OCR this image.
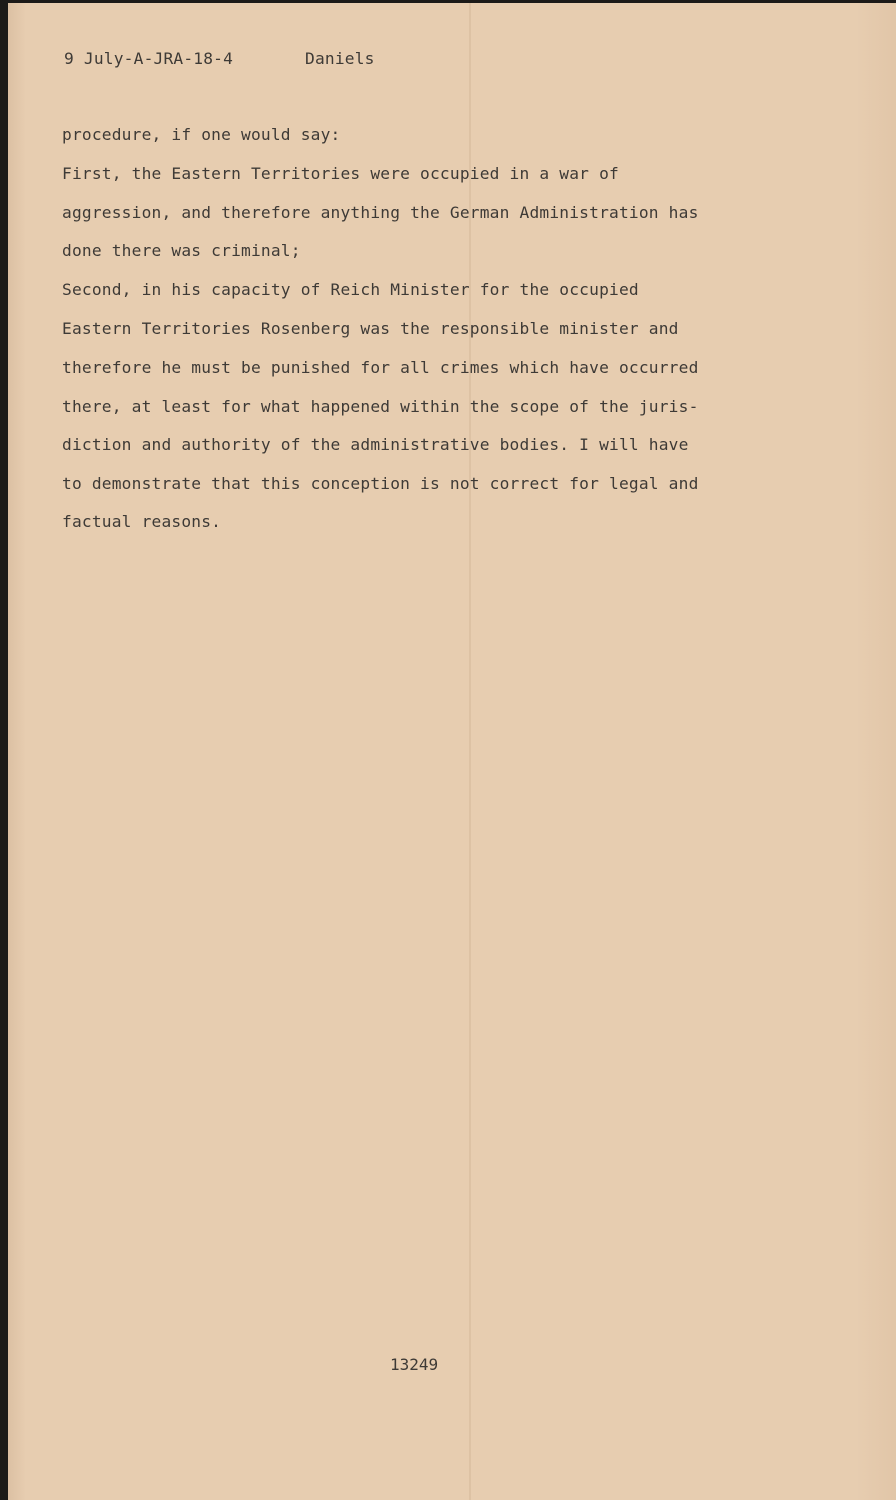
9 July-A-JRA-18-4	Daniels
procedure, if one would say:
First, the Eastern Territories were occupied in a war of
aggression, and therefore anything the German Administration has
done there was criminal;
Second, in his capacity of Reich Minister for the occupied
Eastern Territories Rosenberg was the responsible minister and
therefore he must be punished for all crimes which have occurred
there, at least for what happened within the scope of the juris-
diction and authority of the administrative bodies. I will have
to demonstrate that this conception is not correct for legal and
factual reasons.
13249
